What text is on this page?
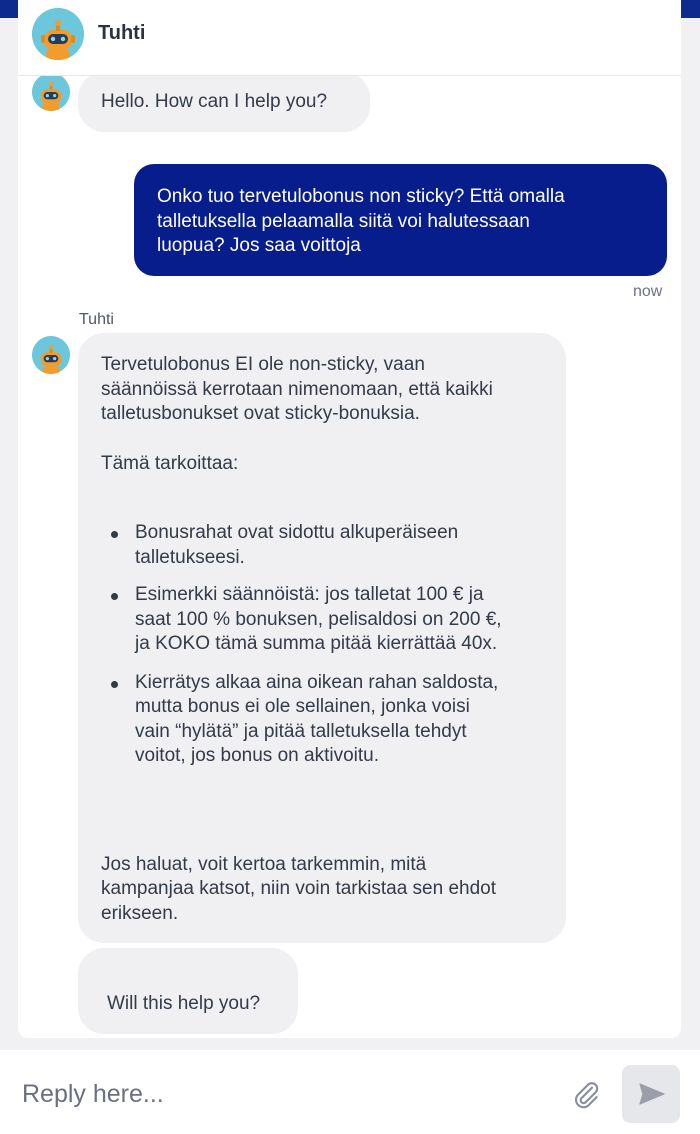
Tuhti

Hello. How can I help you?

Onko tuo tervetulobonus non sticky? Että omalla

talletuksella pelaamalla siitä voi halutessaan

luopua? Jos saa voittoja

now
Tuhti

Tervetulobonus EI ole non-sticky, vaan

säännöissä kerrotaan nimenomaan, että kaikki

talletusbonukset ovat sticky-bonuksia.

Tämä tarkoittaa:

Bonusrahat ovat sidottu alkuperäiseen

talletukseesi.

Esimerkki säännöistä: jos talletat 100 € ja

saat 100 % bonuksen, pelisaldosi on 200 €,

ja KOKO tämä summa pitää kierrättää 40x.

Kierrätys alkaa aina oikean rahan saldosta,

mutta bonus ei ole sellainen, jonka voisi

vain “hylätä” ja pitää talletuksella tehdyt

voitot, jos bonus on aktivoitu.

Jos haluat, voit kertoa tarkemmin, mitä

kampanjaa katsot, niin voin tarkistaa sen ehdot

erikseen.

Will this help you?

Reply here...
